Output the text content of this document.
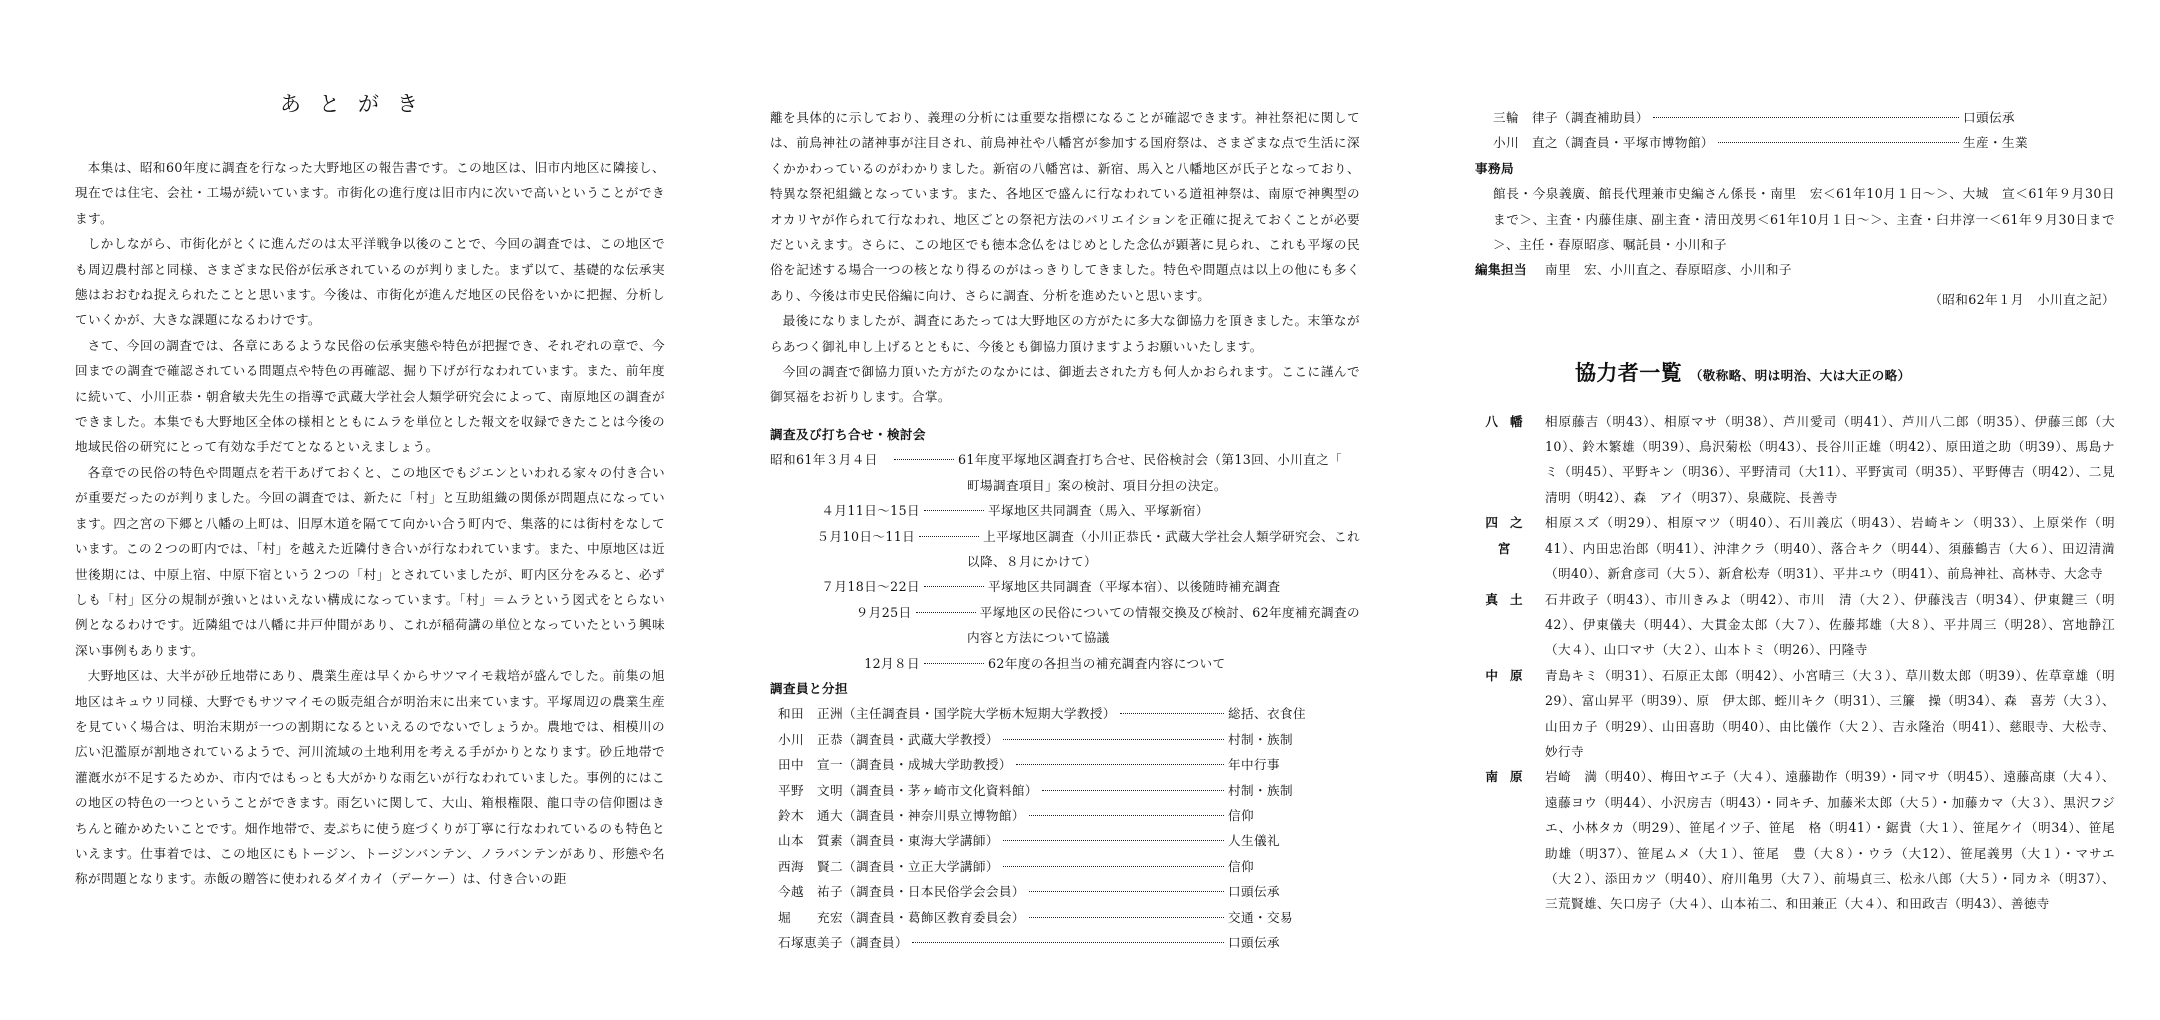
あとがき

本集は、昭和60年度に調査を行なった大野地区の報告書です。この地区は、旧市内地区に隣接し、現在では住宅、会社・工場が続いています。市街化の進行度は旧市内に次いで高いということができます。

しかしながら、市街化がとくに進んだのは太平洋戦争以後のことで、今回の調査では、この地区でも周辺農村部と同様、さまざまな民俗が伝承されているのが判りました。まず以て、基礎的な伝承実態はおおむね捉えられたことと思います。今後は、市街化が進んだ地区の民俗をいかに把握、分析していくかが、大きな課題になるわけです。

さて、今回の調査では、各章にあるような民俗の伝承実態や特色が把握でき、それぞれの章で、今回までの調査で確認されている問題点や特色の再確認、掘り下げが行なわれています。また、前年度に続いて、小川正恭・朝倉敏夫先生の指導で武蔵大学社会人類学研究会によって、南原地区の調査ができました。本集でも大野地区全体の様相とともにムラを単位とした報文を収録できたことは今後の地域民俗の研究にとって有効な手だてとなるといえましょう。

各章での民俗の特色や問題点を若干あげておくと、この地区でもジエンといわれる家々の付き合いが重要だったのが判りました。今回の調査では、新たに「村」と互助組織の関係が問題点になっています。四之宮の下郷と八幡の上町は、旧厚木道を隔てて向かい合う町内で、集落的には街村をなしています。この２つの町内では、「村」を越えた近隣付き合いが行なわれています。また、中原地区は近世後期には、中原上宿、中原下宿という２つの「村」とされていましたが、町内区分をみると、必ずしも「村」区分の規制が強いとはいえない構成になっています。「村」＝ムラという図式をとらない例となるわけです。近隣組では八幡に井戸仲間があり、これが稲荷講の単位となっていたという興味深い事例もあります。

大野地区は、大半が砂丘地帯にあり、農業生産は早くからサツマイモ栽培が盛んでした。前集の旭地区はキュウリ同様、大野でもサツマイモの販売組合が明治末に出来ています。平塚周辺の農業生産を見ていく場合は、明治末期が一つの割期になるといえるのでないでしょうか。農地では、相模川の広い氾濫原が割地されているようで、河川流域の土地利用を考える手がかりとなります。砂丘地帯で灌漑水が不足するためか、市内ではもっとも大がかりな雨乞いが行なわれていました。事例的にはこの地区の特色の一つということができます。雨乞いに関して、大山、箱根権限、龍口寺の信仰圏はきちんと確かめたいことです。畑作地帯で、麦ぷちに使う庭づくりが丁寧に行なわれているのも特色といえます。仕事着では、この地区にもトージン、トージンバンテン、ノラバンテンがあり、形態や名称が問題となります。赤飯の贈答に使われるダイカイ（デーケー）は、付き合いの距

離を具体的に示しており、義理の分析には重要な指標になることが確認できます。神社祭祀に関しては、前鳥神社の諸神事が注目され、前鳥神社や八幡宮が参加する国府祭は、さまざまな点で生活に深くかかわっているのがわかりました。新宿の八幡宮は、新宿、馬入と八幡地区が氏子となっており、特異な祭祀組織となっています。また、各地区で盛んに行なわれている道祖神祭は、南原で神輿型のオカリヤが作られて行なわれ、地区ごとの祭祀方法のバリエイションを正確に捉えておくことが必要だといえます。さらに、この地区でも徳本念仏をはじめとした念仏が顕著に見られ、これも平塚の民俗を記述する場合一つの核となり得るのがはっきりしてきました。特色や問題点は以上の他にも多くあり、今後は市史民俗編に向け、さらに調査、分析を進めたいと思います。

最後になりましたが、調査にあたっては大野地区の方がたに多大な御協力を頂きました。末筆ながらあつく御礼申し上げるとともに、今後とも御協力頂けますようお願いいたします。

今回の調査で御協力頂いた方がたのなかには、御逝去された方も何人かおられます。ここに謹んで御冥福をお祈りします。合掌。

調査及び打ち合せ・検討会

昭和61年３月４日	61年度平塚地区調査打ち合せ、民俗検討会（第13回、小川直之「
町場調査項目」案の検討、項目分担の決定。
４月11日～15日	平塚地区共同調査（馬入、平塚新宿）
５月10日～11日	上平塚地区調査（小川正恭氏・武蔵大学社会人類学研究会、これ
以降、８月にかけて）
７月18日～22日	平塚地区共同調査（平塚本宿）、以後随時補充調査
９月25日	平塚地区の民俗についての情報交換及び検討、62年度補充調査の
内容と方法について協議
12月８日	62年度の各担当の補充調査内容について

調査員と分担

和田　正洲（主任調査員・国学院大学栃木短期大学教授）	総括、衣食住
小川　正恭（調査員・武蔵大学教授）	村制・族制
田中　宣一（調査員・成城大学助教授）	年中行事
平野　文明（調査員・茅ヶ崎市文化資料館）	村制・族制
鈴木　通大（調査員・神奈川県立博物館）	信仰
山本　質素（調査員・東海大学講師）	人生儀礼
西海　賢二（調査員・立正大学講師）	信仰
今越　祐子（調査員・日本民俗学会会員）	口頭伝承
堀　　充宏（調査員・葛飾区教育委員会）	交通・交易
石塚恵美子（調査員）	口頭伝承
三輪　律子（調査補助員）	口頭伝承
小川　直之（調査員・平塚市博物館）	生産・生業

事務局

館長・今泉義廣、館長代理兼市史編さん係長・南里　宏＜61年10月１日～＞、大城　宣＜61年９月30日まで＞、主査・内藤佳康、副主査・清田茂男＜61年10月１日～＞、主査・臼井淳一＜61年９月30日まで＞、主任・春原昭彦、嘱託員・小川和子

編集担当 南里　宏、小川直之、春原昭彦、小川和子

（昭和62年１月　小川直之記）

協力者一覧 （敬称略、明は明治、大は大正の略）

八幡 相原藤吉（明43）、相原マサ（明38）、芦川愛司（明41）、芦川八二郎（明35）、伊藤三郎（大10）、鈴木繁雄（明39）、鳥沢菊松（明43）、長谷川正雄（明42）、原田道之助（明39）、馬島ナミ（明45）、平野キン（明36）、平野清司（大11）、平野寅司（明35）、平野傳吉（明42）、二見清明（明42）、森　アイ（明37）、泉蔵院、長善寺
四之宮
相原スズ（明29）、相原マツ（明40）、石川義広（明43）、岩崎キン（明33）、上原栄作（明41）、内田忠治郎（明41）、沖津クラ（明40）、落合キク（明44）、須藤鶴吉（大６）、田辺清満（明40）、新倉彦司（大５）、新倉松寿（明31）、平井ユウ（明41）、前鳥神社、高林寺、大念寺
真土 石井政子（明43）、市川きみよ（明42）、市川　清（大２）、伊藤浅吉（明34）、伊東鍵三（明42）、伊東儀夫（明44）、大貫金太郎（大７）、佐藤邦雄（大８）、平井周三（明28）、宮地静江（大４）、山口マサ（大２）、山本トミ（明26）、円隆寺
中原 青島キミ（明31）、石原正太郎（明42）、小宮晴三（大３）、草川数太郎（明39）、佐草章雄（明29）、富山昇平（明39）、原　伊太郎、蛭川キク（明31）、三簾　操（明34）、森　喜芳（大３）、山田カ子（明29）、山田喜助（明40）、由比儀作（大２）、吉永隆治（明41）、慈眼寺、大松寺、妙行寺
南原 岩崎　満（明40）、梅田ヤエ子（大４）、遠藤勘作（明39）・同マサ（明45）、遠藤高康（大４）、遠藤ヨウ（明44）、小沢房吉（明43）・同キチ、加藤米太郎（大５）・加藤カマ（大３）、黒沢フジエ、小林タカ（明29）、笹尾イツ子、笹尾　格（明41）・鋸貴（大１）、笹尾ケイ（明34）、笹尾助雄（明37）、笹尾ムメ（大１）、笹尾　豊（大８）・ウラ（大12）、笹尾義男（大１）・マサエ（大２）、添田カツ（明40）、府川亀男（大７）、前場貞三、松永八郎（大５）・同カネ（明37）、三荒賢雄、矢口房子（大４）、山本祐二、和田兼正（大４）、和田政吉（明43）、善徳寺
